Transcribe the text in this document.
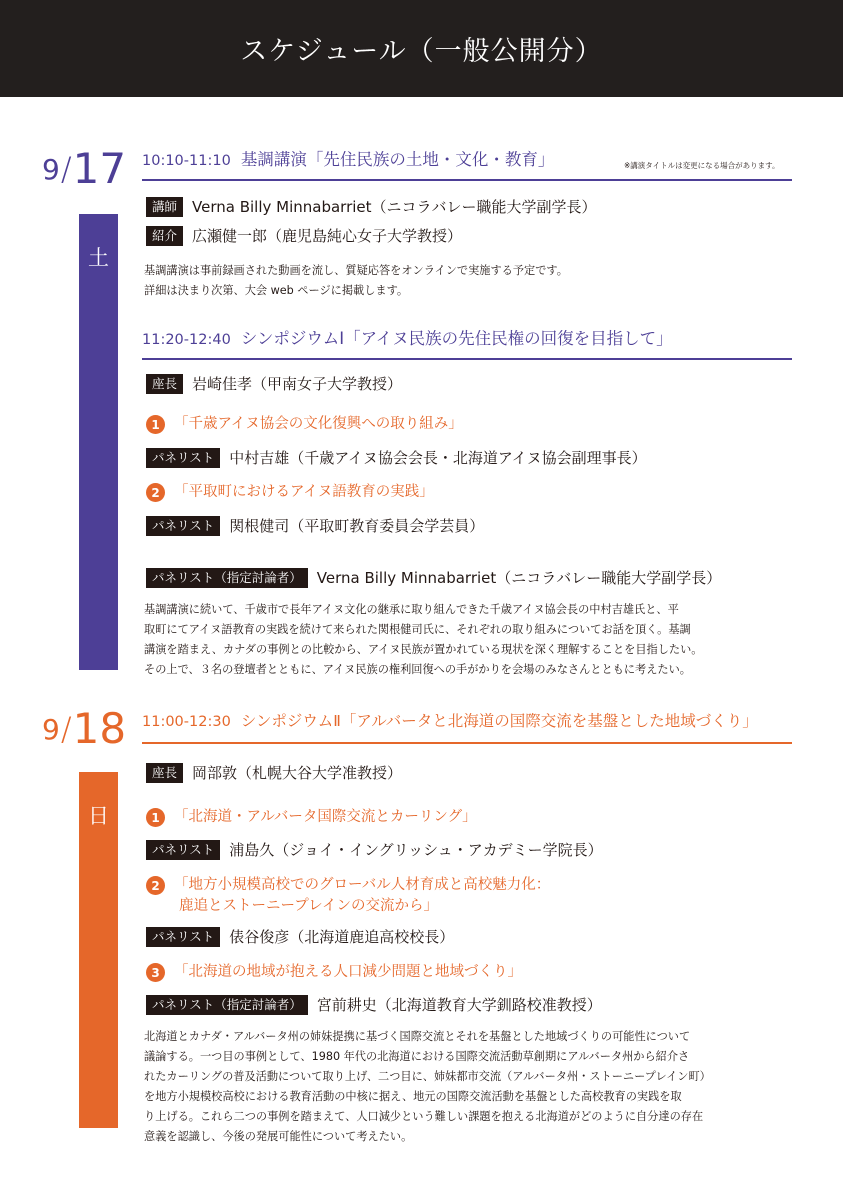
スケジュール（一般公開分）
9 / 17
土
10:10-11:10 基調講演「先住民族の土地・文化・教育」	※講演タイトルは変更になる場合があります。
講師	Verna Billy Minnabarriet（ニコラバレー職能大学副学長）
紹介	広瀬健一郎（鹿児島純心女子大学教授）
基調講演は事前録画された動画を流し、質疑応答をオンラインで実施する予定です。
詳細は決まり次第、大会 web ページに掲載します。
11:20-12:40 シンポジウムⅠ「アイヌ民族の先住民権の回復を目指して」
座長	岩崎佳孝（甲南女子大学教授）
1 「千歳アイヌ協会の文化復興への取り組み」
パネリスト	中村吉雄（千歳アイヌ協会会長・北海道アイヌ協会副理事長）
2 「平取町におけるアイヌ語教育の実践」
パネリスト	関根健司（平取町教育委員会学芸員）
パネリスト（指定討論者）	Verna Billy Minnabarriet（ニコラバレー職能大学副学長）
基調講演に続いて、千歳市で長年アイヌ文化の継承に取り組んできた千歳アイヌ協会長の中村吉雄氏と、平
取町にてアイヌ語教育の実践を続けて来られた関根健司氏に、それぞれの取り組みについてお話を頂く。基調
講演を踏まえ、カナダの事例との比較から、アイヌ民族が置かれている現状を深く理解することを目指したい。
その上で、３名の登壇者とともに、アイヌ民族の権利回復への手がかりを会場のみなさんとともに考えたい。
9 / 18
日
11:00-12:30 シンポジウムⅡ「アルバータと北海道の国際交流を基盤とした地域づくり」
座長	岡部敦（札幌大谷大学准教授）
1 「北海道・アルバータ国際交流とカーリング」
パネリスト	浦島久（ジョイ・イングリッシュ・アカデミー学院長）
2 「地方小規模高校でのグローバル人材育成と高校魅力化：
鹿追とストーニープレインの交流から」
パネリスト	俵谷俊彦（北海道鹿追高校校長）
3 「北海道の地域が抱える人口減少問題と地域づくり」
パネリスト（指定討論者）	宮前耕史（北海道教育大学釧路校准教授）
北海道とカナダ・アルバータ州の姉妹提携に基づく国際交流とそれを基盤とした地域づくりの可能性について
議論する。一つ目の事例として、1980 年代の北海道における国際交流活動草創期にアルバータ州から紹介さ
れたカーリングの普及活動について取り上げ、二つ目に、姉妹都市交流（アルバータ州・ストーニープレイン町）
を地方小規模校高校における教育活動の中核に据え、地元の国際交流活動を基盤とした高校教育の実践を取
り上げる。これら二つの事例を踏まえて、人口減少という難しい課題を抱える北海道がどのように自分達の存在
意義を認識し、今後の発展可能性について考えたい。
